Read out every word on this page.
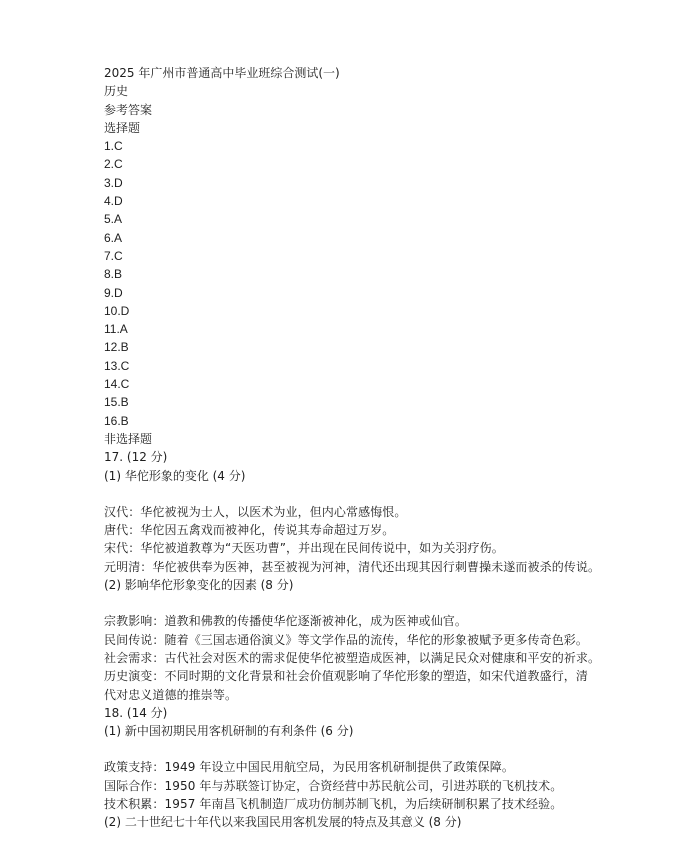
2025 年广州市普通高中毕业班综合测试(一)
历史
参考答案
选择题
1.C
2.C
3.D
4.D
5.A
6.A
7.C
8.B
9.D
10.D
11.A
12.B
13.C
14.C
15.B
16.B
非选择题
17. (12 分)
(1) 华佗形象的变化 (4 分)
汉代：华佗被视为士人，以医术为业，但内心常感悔恨。
唐代：华佗因五禽戏而被神化，传说其寿命超过万岁。
宋代：华佗被道教尊为“天医功曹”，并出现在民间传说中，如为关羽疗伤。
元明清：华佗被供奉为医神，甚至被视为河神，清代还出现其因行刺曹操未遂而被杀的传说。
(2) 影响华佗形象变化的因素 (8 分)
宗教影响：道教和佛教的传播使华佗逐渐被神化，成为医神或仙官。
民间传说：随着《三国志通俗演义》等文学作品的流传，华佗的形象被赋予更多传奇色彩。
社会需求：古代社会对医术的需求促使华佗被塑造成医神，以满足民众对健康和平安的祈求。
历史演变：不同时期的文化背景和社会价值观影响了华佗形象的塑造，如宋代道教盛行，清
代对忠义道德的推崇等。
18. (14 分)
(1) 新中国初期民用客机研制的有利条件 (6 分)
政策支持：1949 年设立中国民用航空局，为民用客机研制提供了政策保障。
国际合作：1950 年与苏联签订协定，合资经营中苏民航公司，引进苏联的飞机技术。
技术积累：1957 年南昌飞机制造厂成功仿制苏制飞机，为后续研制积累了技术经验。
(2) 二十世纪七十年代以来我国民用客机发展的特点及其意义 (8 分)
